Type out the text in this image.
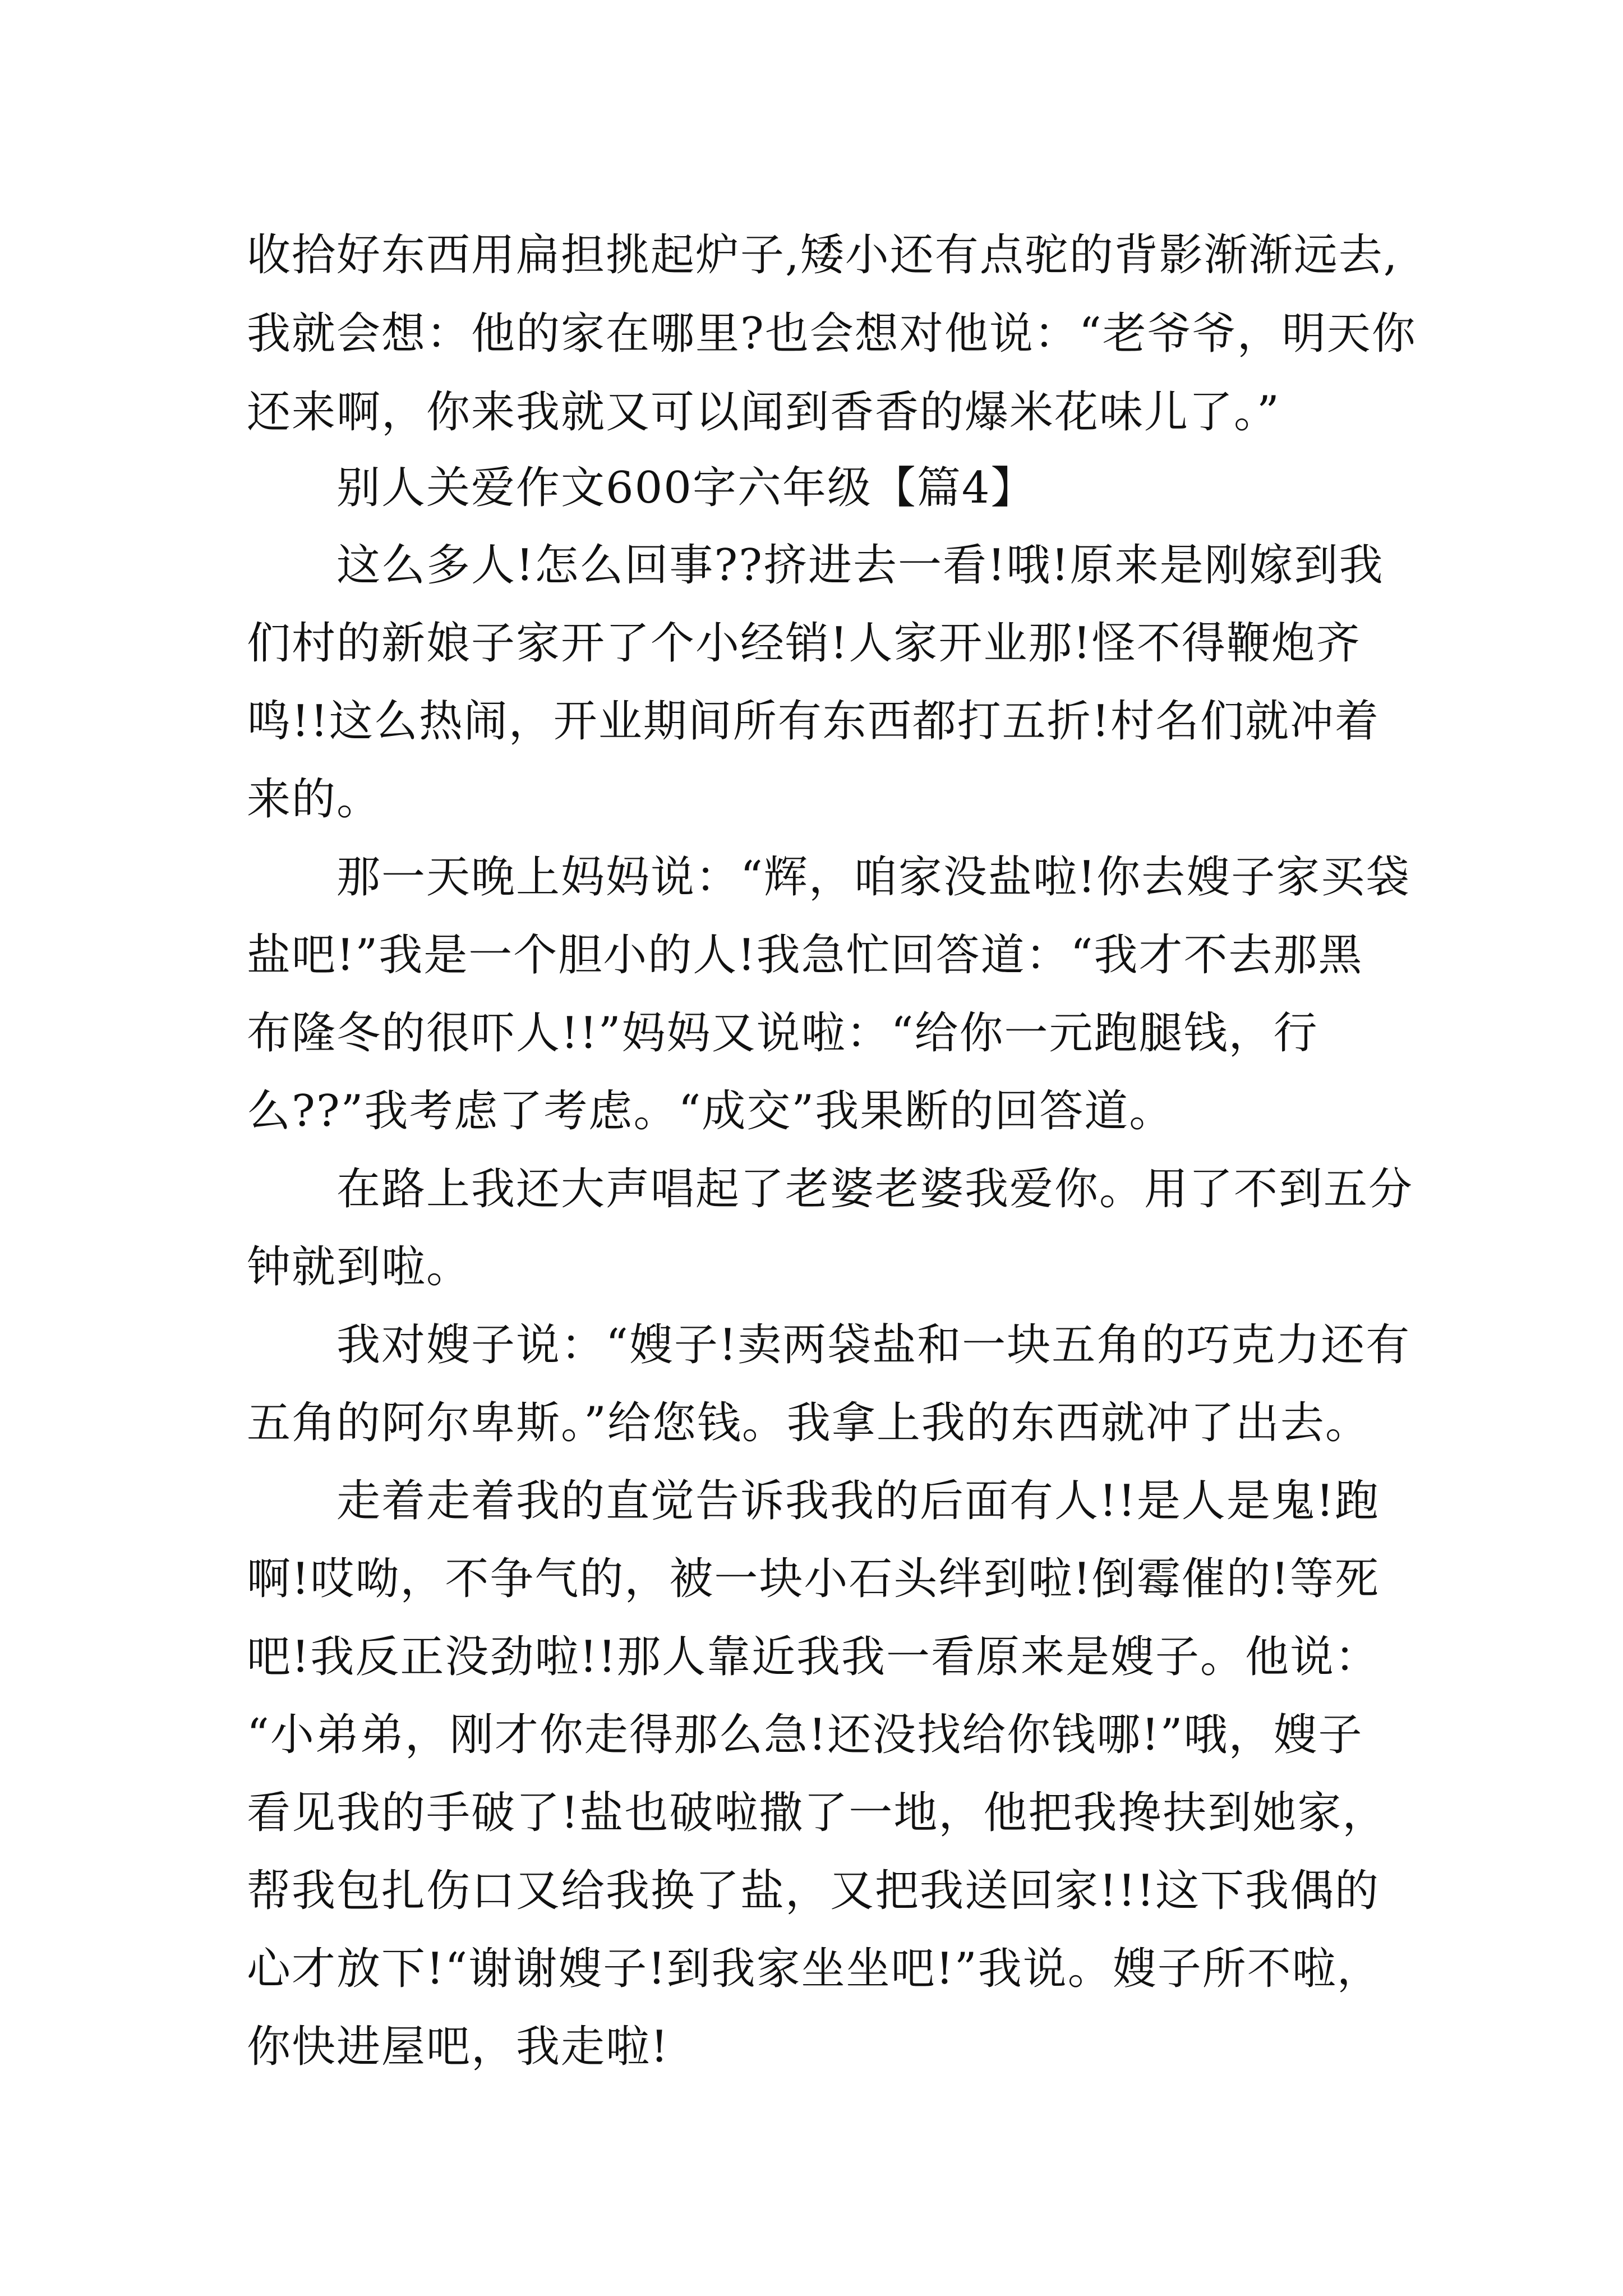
收拾好东西用扁担挑起炉子,矮小还有点驼的背影渐渐远去,
我就会想：他的家在哪里?也会想对他说：“老爷爷，明天你
还来啊，你来我就又可以闻到香香的爆米花味儿了。”
别人关爱作文600字六年级【篇4】
这么多人!怎么回事??挤进去一看!哦!原来是刚嫁到我
们村的新娘子家开了个小经销!人家开业那!怪不得鞭炮齐
鸣!!这么热闹，开业期间所有东西都打五折!村名们就冲着
来的。
那一天晚上妈妈说：“辉，咱家没盐啦!你去嫂子家买袋
盐吧!”我是一个胆小的人!我急忙回答道：“我才不去那黑
布隆冬的很吓人!!”妈妈又说啦：“给你一元跑腿钱，行
么??”我考虑了考虑。“成交”我果断的回答道。
在路上我还大声唱起了老婆老婆我爱你。用了不到五分
钟就到啦。
我对嫂子说：“嫂子!卖两袋盐和一块五角的巧克力还有
五角的阿尔卑斯。”给您钱。我拿上我的东西就冲了出去。
走着走着我的直觉告诉我我的后面有人!!是人是鬼!跑
啊!哎呦，不争气的，被一块小石头绊到啦!倒霉催的!等死
吧!我反正没劲啦!!那人靠近我我一看原来是嫂子。他说：
“小弟弟，刚才你走得那么急!还没找给你钱哪!”哦，嫂子
看见我的手破了!盐也破啦撒了一地，他把我搀扶到她家，
帮我包扎伤口又给我换了盐，又把我送回家!!!这下我偶的
心才放下!“谢谢嫂子!到我家坐坐吧!”我说。嫂子所不啦，
你快进屋吧，我走啦!
